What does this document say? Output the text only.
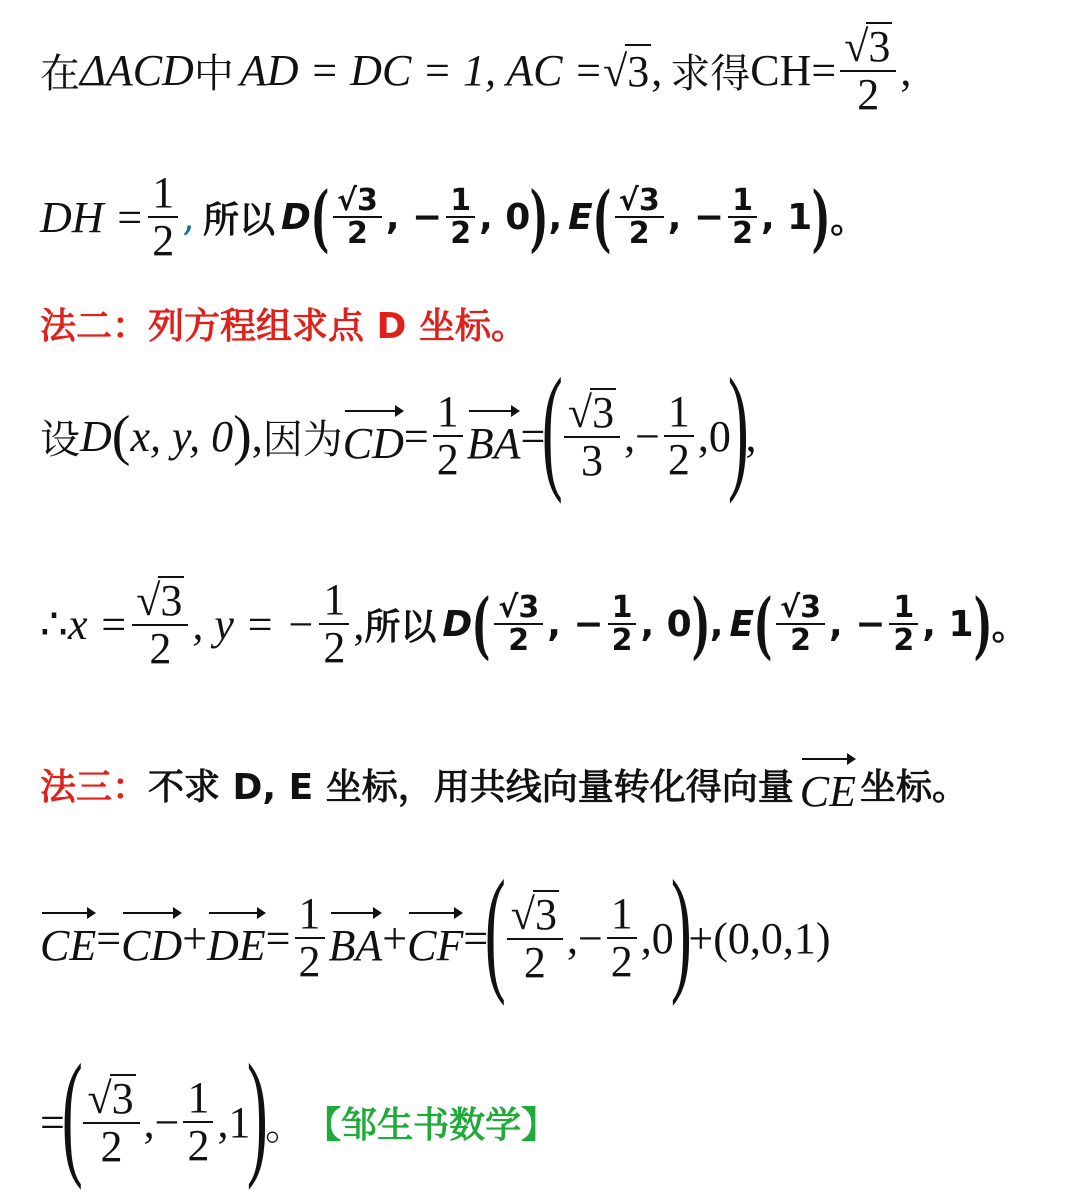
在 ΔACD 中 AD = DC = 1, AC = √3 , 求得 $CH= \frac{√3}{2}$ ,
DH = $\frac{1}{2}$ , 所以 D ( $\frac{√3}{2}$ , − $\frac{1}{2}$ , 0 ) , E ( $\frac{√3}{2}$ , − $\frac{1}{2}$ , 1 ) 。
法二：列方程组求点 D 坐标。
设 D ( x, y, 0 ) , 因为 CD = $\frac{1}{2}$ BA =
( $\frac{√3}{3}$ ,− $\frac{1}{2} ,0$
)
,
∴ $x = \frac{√3}{2}$ , y = − $\frac{1}{2}$ , 所以 D ( $\frac{√3}{2}$ , − $\frac{1}{2}$ , 0 ) , E ( $\frac{√3}{2}$ , − $\frac{1}{2}$ , 1 ) 。
法三： 不求 D, E 坐标，用共线向量转化得向量 CE 坐标。
CE = CD + DE = $\frac{1}{2}$ BA + CF =
( $\frac{√3}{2}$ ,− $\frac{1}{2} ,0$
)
+ (0,0,1)
=
( $\frac{√3}{2}$ ,− $\frac{1}{2} ,1$
)
。 【邹生书数学】
